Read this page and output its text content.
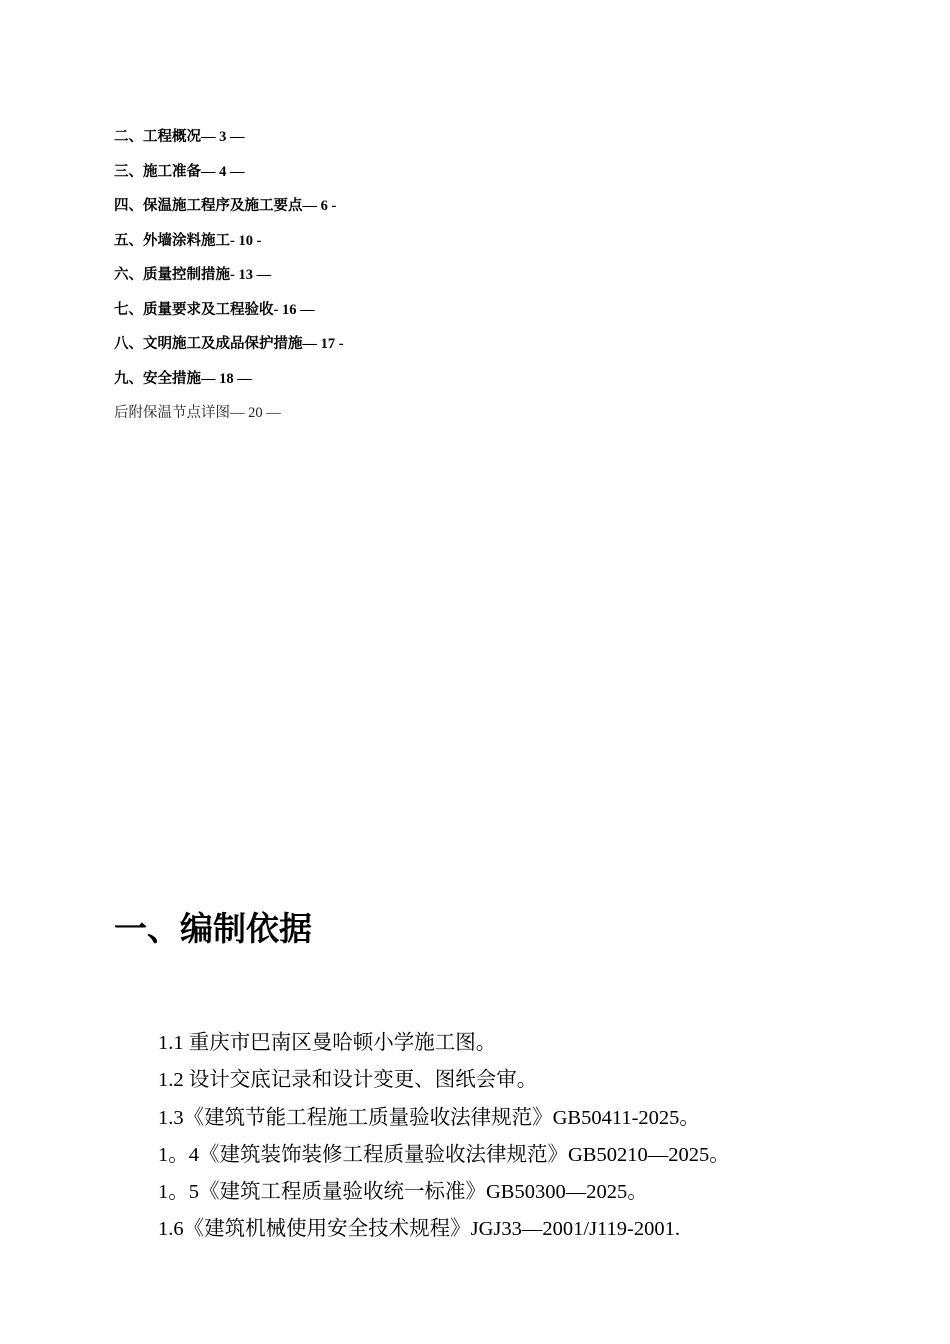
二、工程概况— 3 —
三、施工准备— 4 —
四、保温施工程序及施工要点— 6 -
五、外墙涂料施工- 10 -
六、质量控制措施- 13 —
七、质量要求及工程验收- 16 —
八、文明施工及成品保护措施— 17 -
九、安全措施— 18 —
后附保温节点详图— 20 —
一、编制依据
1.1 重庆市巴南区曼哈顿小学施工图。
1.2 设计交底记录和设计变更、图纸会审。
1.3《建筑节能工程施工质量验收法律规范》GB50411-2025。
1。4《建筑装饰装修工程质量验收法律规范》GB50210—2025。
1。5《建筑工程质量验收统一标准》GB50300—2025。
1.6《建筑机械使用安全技术规程》JGJ33—2001/J119-2001.
